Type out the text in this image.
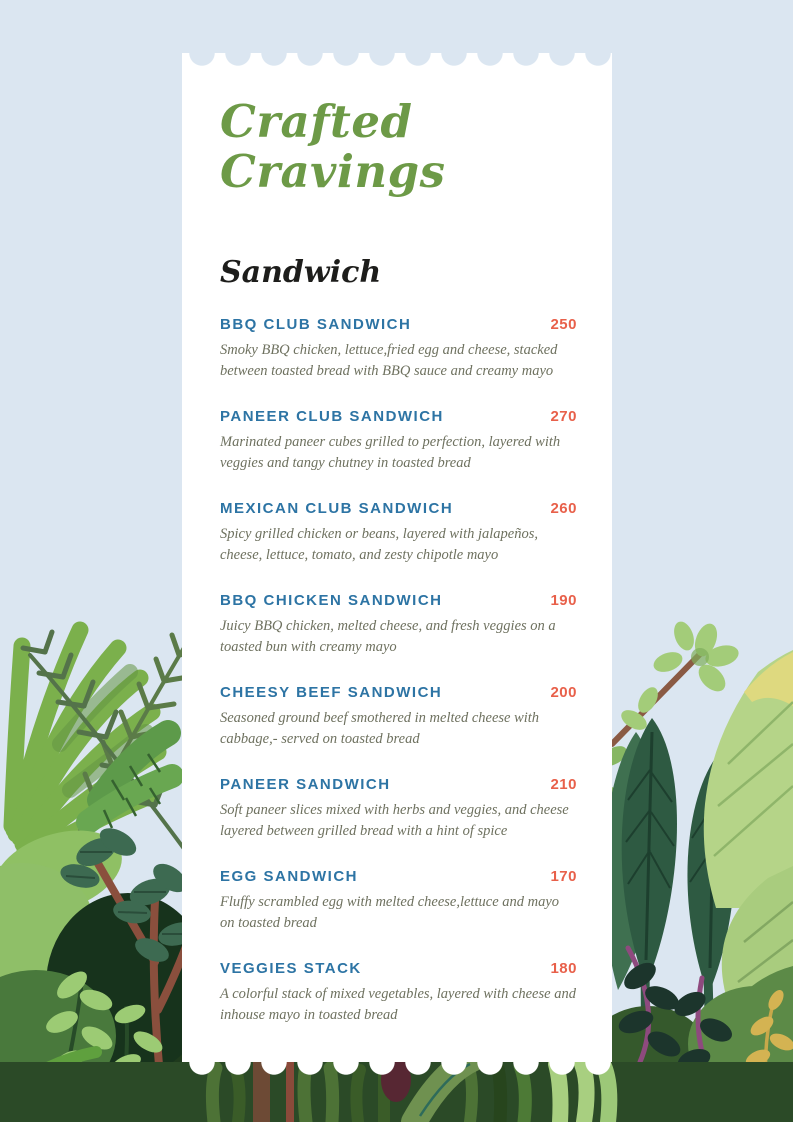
Crafted
Cravings
Sandwich
BBQ CLUB SANDWICH	250
Smoky BBQ chicken, lettuce,fried egg and cheese, stacked between toasted bread with BBQ sauce and creamy mayo
PANEER CLUB SANDWICH	270
Marinated paneer cubes grilled to perfection, layered with veggies and tangy chutney in toasted bread
MEXICAN CLUB SANDWICH	260
Spicy grilled chicken or beans, layered with jalapeños, cheese, lettuce, tomato, and zesty chipotle mayo
BBQ CHICKEN SANDWICH	190
Juicy BBQ chicken, melted cheese, and fresh veggies on a toasted bun with creamy mayo
CHEESY BEEF SANDWICH	200
Seasoned ground beef smothered in melted cheese with cabbage,- served on toasted bread
PANEER SANDWICH	210
Soft paneer slices mixed with herbs and veggies, and cheese layered between grilled bread with a hint of spice
EGG SANDWICH	170
Fluffy scrambled egg with melted cheese,lettuce and mayo on toasted bread
VEGGIES STACK	180
A colorful stack of mixed vegetables, layered with cheese and inhouse mayo in toasted bread
